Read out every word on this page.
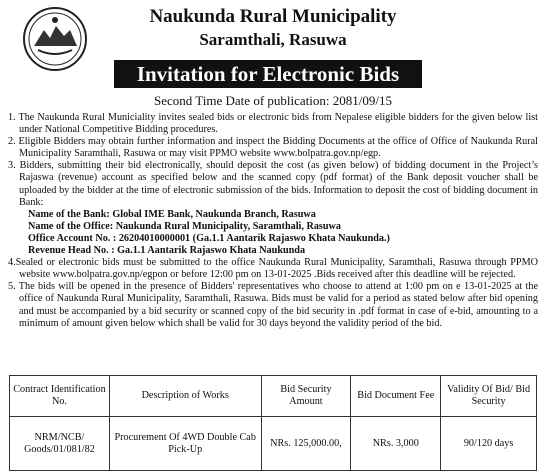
Naukunda Rural Municipality
Saramthali, Rasuwa
Invitation for Electronic Bids
Second Time Date of publication: 2081/09/15

1. The Naukunda Rural Municiality invites sealed bids or electronic bids from Nepalese eligible bidders for the given below list under National Competitive Bidding procedures.

2. Eligible Bidders may obtain further information and inspect the Bidding Documents at the office of Office of Naukunda Rural Municipality Saramthali, Rasuwa or may visit PPMO website www.bolpatra.gov.np/egp.

3. Bidders, submitting their bid electronically, should deposit the cost (as given below) of bidding document in the Project’s Rajaswa (revenue) account as specified below and the scanned copy (pdf format) of the Bank deposit voucher shall be uploaded by the bidder at the time of electronic submission of the bids. Information to deposit the cost of bidding document in Bank:

Name of the Bank: Global IME Bank, Naukunda Branch, Rasuwa

Name of the Office: Naukunda Rural Municipality, Saramthali, Rasuwa

Office Account No. : 26204010000001 (Ga.1.1 Aantarik Rajaswo Khata Naukunda.)

Revenue Head No. : Ga.1.1 Aantarik Rajaswo Khata Naukunda

4.Sealed or electronic bids must be submitted to the office Naukunda Rural Municipality, Saramthali, Rasuwa through PPMO website www.bolpatra.gov.np/egpon or before 12:00 pm on 13-01-2025 .Bids received after this deadline will be rejected.

5. The bids will be opened in the presence of Bidders' representatives who choose to attend at 1:00 pm on e 13-01-2025 at the office of Naukunda Rural Municipality, Saramthali, Rasuwa. Bids must be valid for a period as stated below after bid opening and must be accompanied by a bid security or scanned copy of the bid security in .pdf format in case of e-bid, amounting to a minimum of amount given below which shall be valid for 30 days beyond the validity period of the bid.

Contract Identification No.	Description of Works	Bid Security Amount	Bid Document Fee	Validity Of Bid/ Bid Security
NRM/NCB/ Goods/01/081/82	Procurement Of 4WD Double Cab Pick-Up	NRs. 125,000.00,	NRs. 3,000	90/120 days
